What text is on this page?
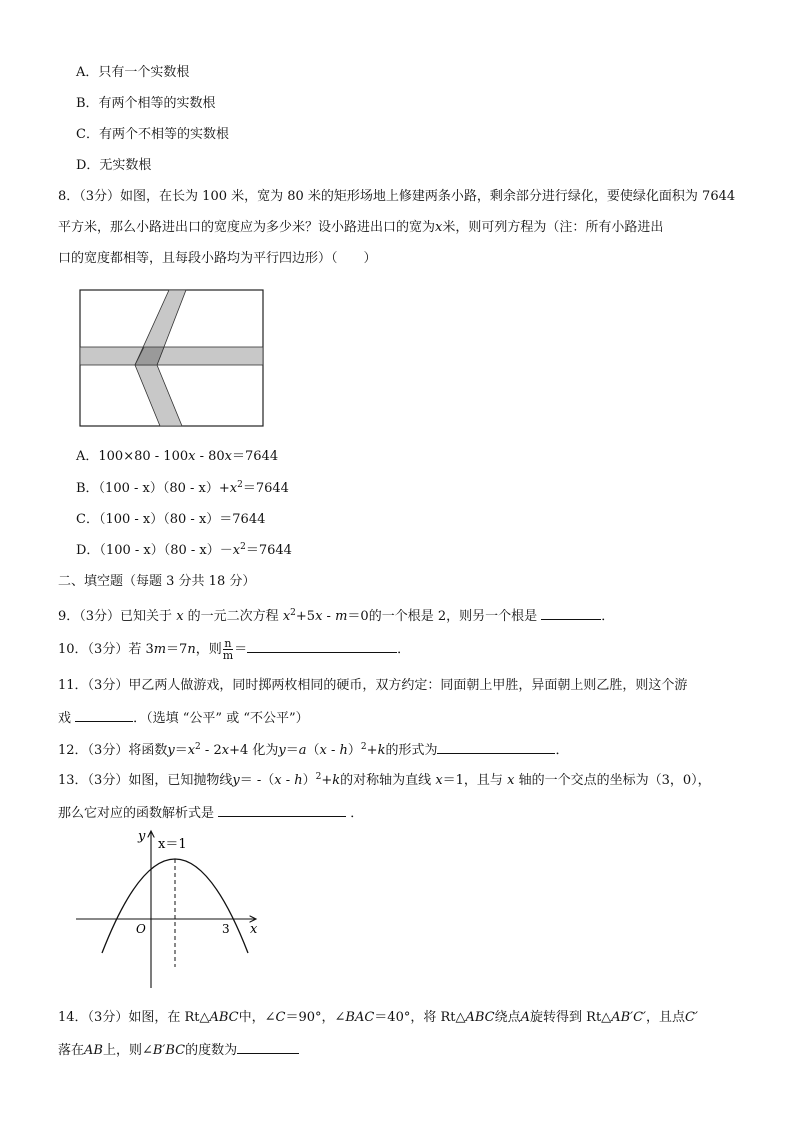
A．只有一个实数根
B．有两个相等的实数根
C．有两个不相等的实数根
D．无实数根
8．（3分）如图，在长为 100 米，宽为 80 米的矩形场地上修建两条小路，剩余部分进行绿化，要使绿化面积为 7644
平方米，那么小路进出口的宽度应为多少米？设小路进出口的宽为x米，则可列方程为（注：所有小路进出
口的宽度都相等，且每段小路均为平行四边形）（　　）
A．100×80 - 100x - 80x＝7644
B．$(100 - x)(80 - x)+x^2=7644$
C．（100 - x）（80 - x）＝7644
D．$(100 - x)(80 - x)-x^2=7644$
二、填空题（每题 3 分共 18 分）
9．（3分）已知关于 x 的一元二次方程 $x^2+5x - m=0$的一个根是 2，则另一个根是	．
10．（3分）若 3m＝7n，则 $\frac{n}{m}$ ＝	．
11．（3分）甲乙两人做游戏，同时掷两枚相同的硬币，双方约定：同面朝上甲胜，异面朝上则乙胜，则这个游
戏	．（选填 “公平” 或 “不公平”）
12．（3分）将函数$y=x^2 - 2x+4$ 化为y＝a（x - h）$^2$+k的形式为	．
13．（3分）如图，已知抛物线y＝ -（x - h）$^2$+k的对称轴为直线 x＝1，且与 x 轴的一个交点的坐标为（3，0），
那么它对应的函数解析式是	．
y
x
O	3
x＝1
14．（3分）如图，在 Rt△ABC中，∠C＝90°，∠BAC＝40°，将 Rt△ABC绕点A旋转得到 Rt△AB′C′，且点C′
落在AB上，则∠B′BC的度数为
